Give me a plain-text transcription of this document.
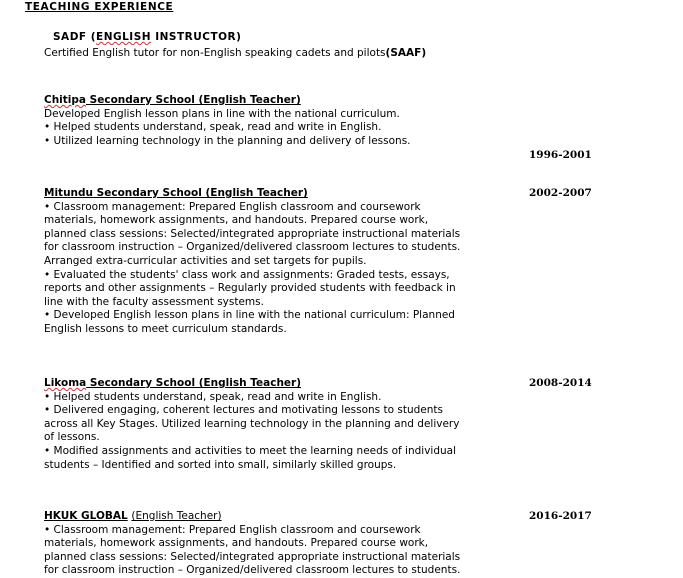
TEACHING EXPERIENCE
SADF (ENGLISH INSTRUCTOR)
Certified English tutor for non-English speaking cadets and pilots(SAAF)
Chitipa Secondary School (English Teacher)
Developed English lesson plans in line with the national curriculum.
• Helped students understand, speak, read and write in English.
• Utilized learning technology in the planning and delivery of lessons.
1996-2001
Mitundu Secondary School (English Teacher)
• Classroom management: Prepared English classroom and coursework
materials, homework assignments, and handouts. Prepared course work,
planned class sessions: Selected/integrated appropriate instructional materials
for classroom instruction – Organized/delivered classroom lectures to students.
Arranged extra-curricular activities and set targets for pupils.
• Evaluated the students' class work and assignments: Graded tests, essays,
reports and other assignments – Regularly provided students with feedback in
line with the faculty assessment systems.
• Developed English lesson plans in line with the national curriculum: Planned
English lessons to meet curriculum standards.
2002-2007
Likoma Secondary School (English Teacher)
• Helped students understand, speak, read and write in English.
• Delivered engaging, coherent lectures and motivating lessons to students
across all Key Stages. Utilized learning technology in the planning and delivery
of lessons.
• Modified assignments and activities to meet the learning needs of individual
students – Identified and sorted into small, similarly skilled groups.
2008-2014
HKUK GLOBAL (English Teacher)
• Classroom management: Prepared English classroom and coursework
materials, homework assignments, and handouts. Prepared course work,
planned class sessions: Selected/integrated appropriate instructional materials
for classroom instruction – Organized/delivered classroom lectures to students.
2016-2017
